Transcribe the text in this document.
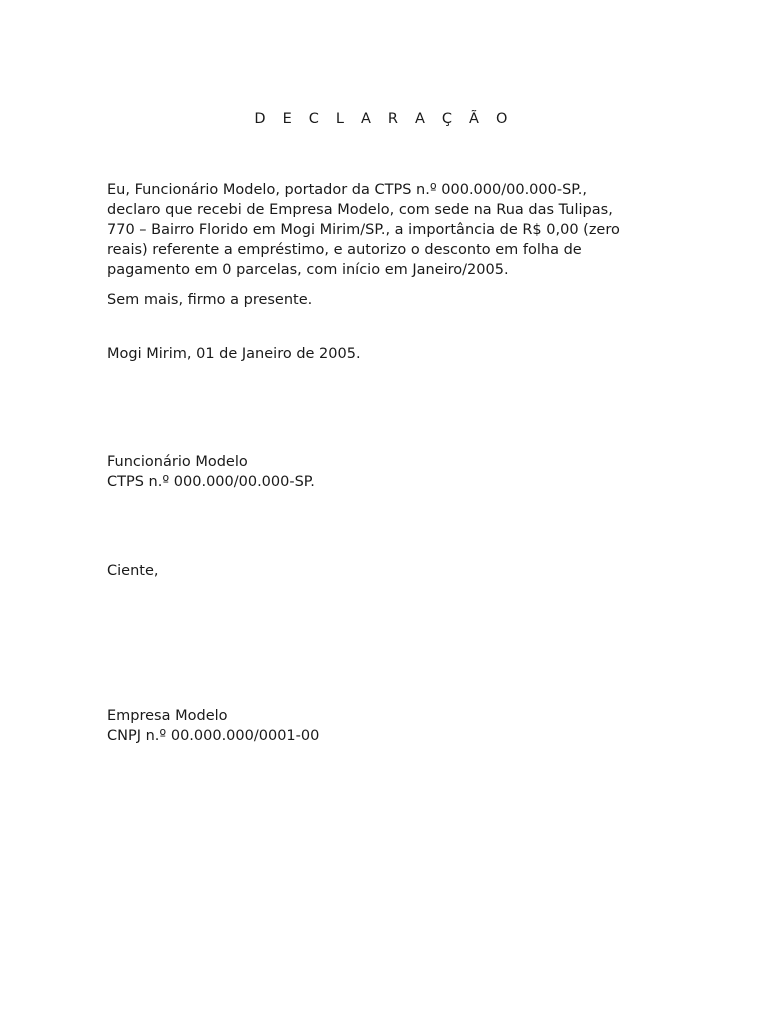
D E C L A R A Ç Ã O
Eu, Funcionário Modelo, portador da CTPS n.º 000.000/00.000-SP.,
declaro que recebi de Empresa Modelo, com sede na Rua das Tulipas,
770 – Bairro Florido em Mogi Mirim/SP., a importância de R$ 0,00 (zero
reais) referente a empréstimo, e autorizo o desconto em folha de
pagamento em 0 parcelas, com início em Janeiro/2005.
Sem mais, firmo a presente.
Mogi Mirim, 01 de Janeiro de 2005.
Funcionário Modelo
CTPS n.º 000.000/00.000-SP.
Ciente,
Empresa Modelo
CNPJ n.º 00.000.000/0001-00
